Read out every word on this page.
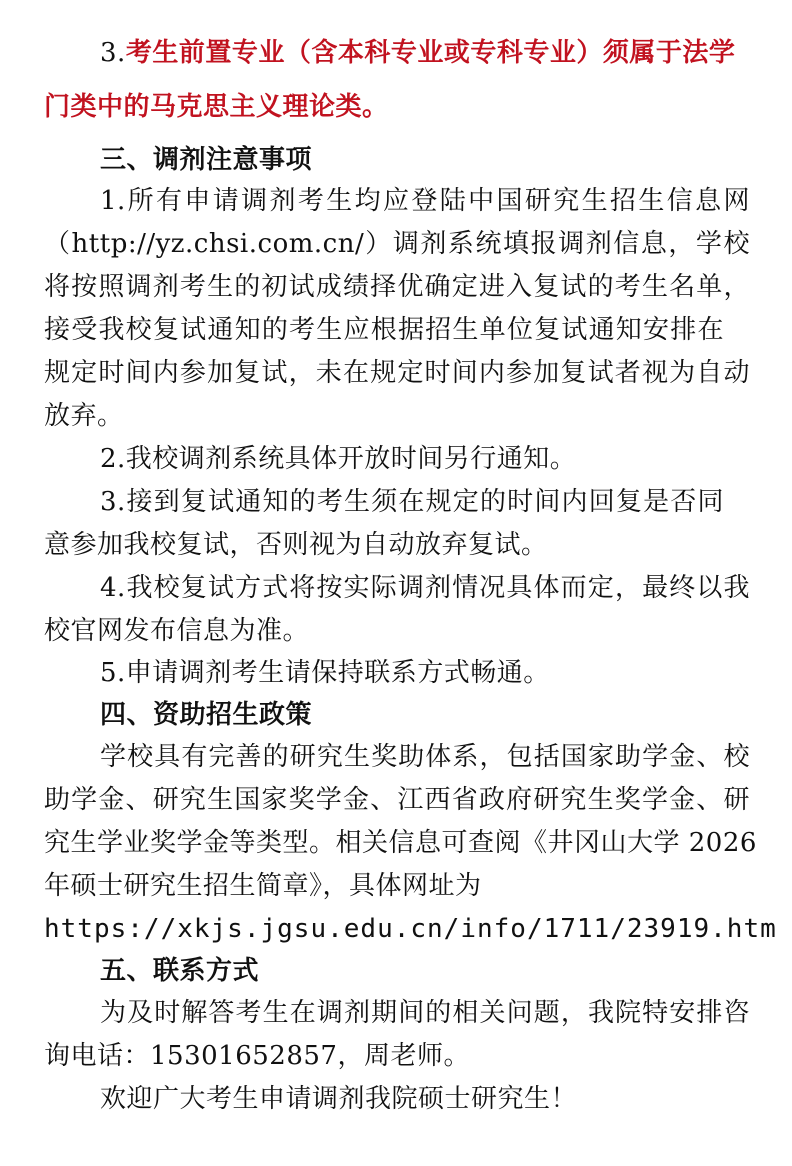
3.考生前置专业（含本科专业或专科专业）须属于法学
门类中的马克思主义理论类。
三、调剂注意事项
1.所有申请调剂考生均应登陆中国研究生招生信息网
（http://yz.chsi.com.cn/）调剂系统填报调剂信息，学校
将按照调剂考生的初试成绩择优确定进入复试的考生名单，
接受我校复试通知的考生应根据招生单位复试通知安排在
规定时间内参加复试，未在规定时间内参加复试者视为自动
放弃。
2.我校调剂系统具体开放时间另行通知。
3.接到复试通知的考生须在规定的时间内回复是否同
意参加我校复试，否则视为自动放弃复试。
4.我校复试方式将按实际调剂情况具体而定，最终以我
校官网发布信息为准。
5.申请调剂考生请保持联系方式畅通。
四、资助招生政策
学校具有完善的研究生奖助体系，包括国家助学金、校
助学金、研究生国家奖学金、江西省政府研究生奖学金、研
究生学业奖学金等类型。相关信息可查阅《井冈山大学 2026
年硕士研究生招生简章》，具体网址为
https://xkjs.jgsu.edu.cn/info/1711/23919.htm
五、联系方式
为及时解答考生在调剂期间的相关问题，我院特安排咨
询电话：15301652857，周老师。
欢迎广大考生申请调剂我院硕士研究生！
